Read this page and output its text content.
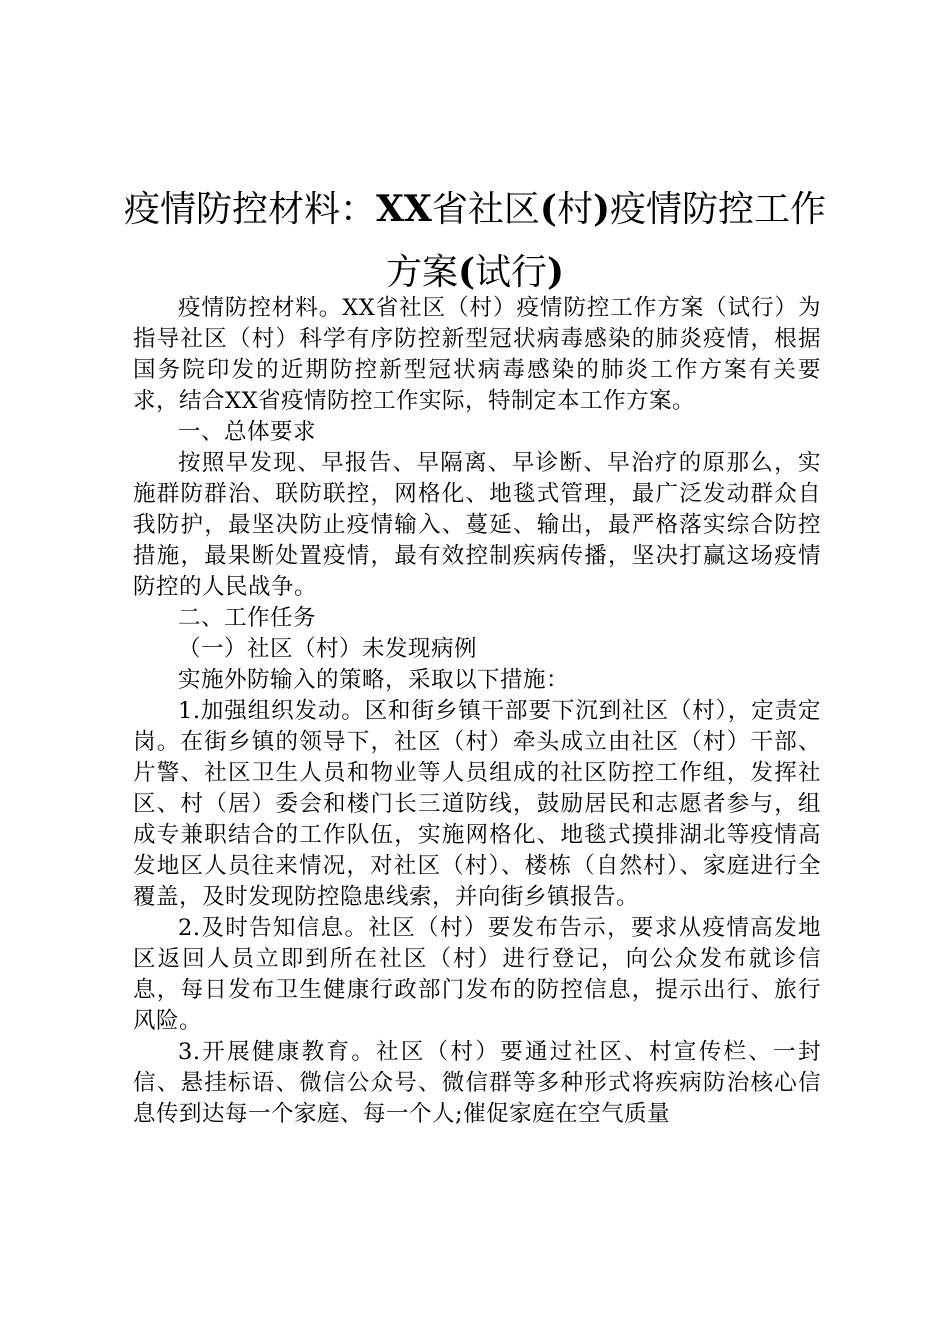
疫情防控材料：XX省社区(村)疫情防控工作
方案(试行)

疫情防控材料。XX省社区（村）疫情防控工作方案（试行）为指导社区（村）科学有序防控新型冠状病毒感染的肺炎疫情，根据国务院印发的近期防控新型冠状病毒感染的肺炎工作方案有关要求，结合XX省疫情防控工作实际，特制定本工作方案。

一、总体要求

按照早发现、早报告、早隔离、早诊断、早治疗的原那么，实施群防群治、联防联控，网格化、地毯式管理，最广泛发动群众自我防护，最坚决防止疫情输入、蔓延、输出，最严格落实综合防控措施，最果断处置疫情，最有效控制疾病传播，坚决打赢这场疫情防控的人民战争。

二、工作任务

（一）社区（村）未发现病例

实施外防输入的策略，采取以下措施：

1.加强组织发动。区和街乡镇干部要下沉到社区（村），定责定岗。在街乡镇的领导下，社区（村）牵头成立由社区（村）干部、片警、社区卫生人员和物业等人员组成的社区防控工作组，发挥社区、村（居）委会和楼门长三道防线，鼓励居民和志愿者参与，组成专兼职结合的工作队伍，实施网格化、地毯式摸排湖北等疫情高发地区人员往来情况，对社区（村）、楼栋（自然村）、家庭进行全覆盖，及时发现防控隐患线索，并向街乡镇报告。

2.及时告知信息。社区（村）要发布告示，要求从疫情高发地区返回人员立即到所在社区（村）进行登记，向公众发布就诊信息，每日发布卫生健康行政部门发布的防控信息，提示出行、旅行风险。

3.开展健康教育。社区（村）要通过社区、村宣传栏、一封信、悬挂标语、微信公众号、微信群等多种形式将疾病防治核心信息传到达每一个家庭、每一个人;催促家庭在空气质量
